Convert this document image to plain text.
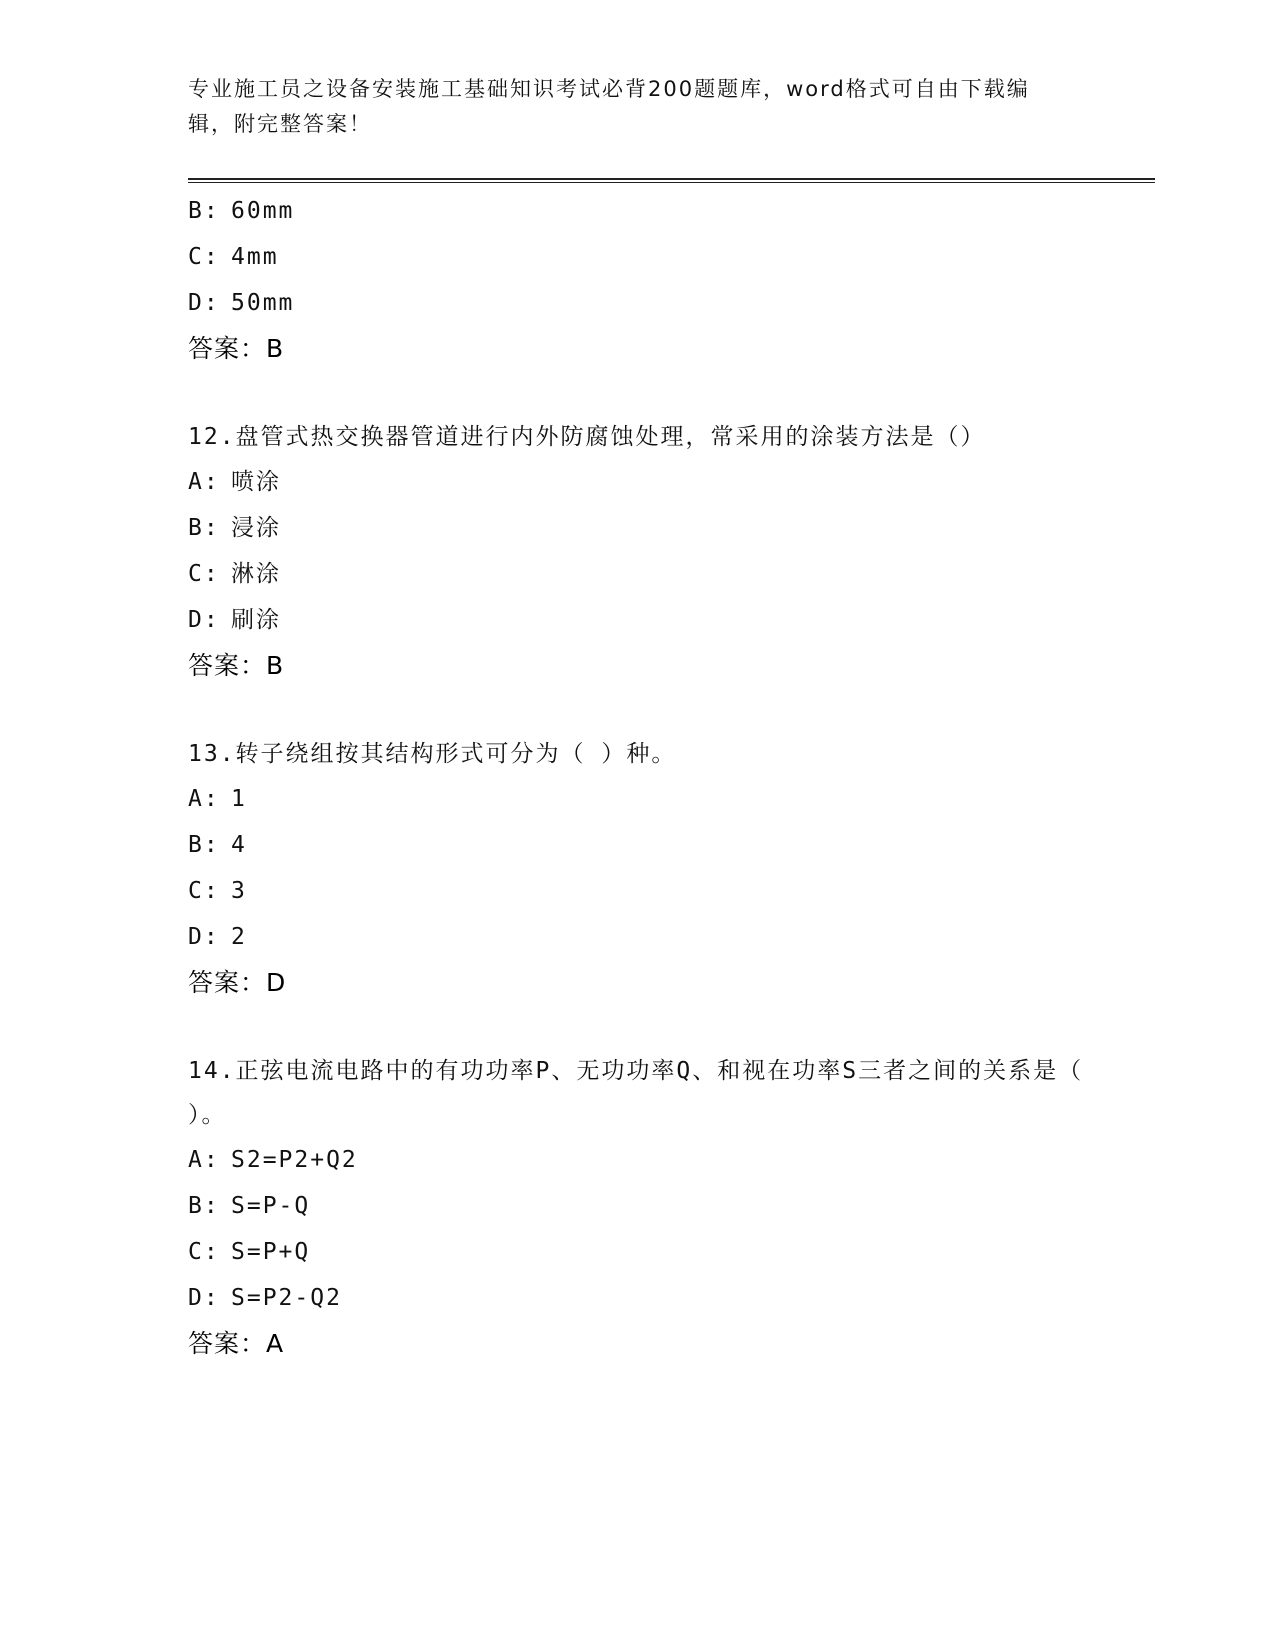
专业施工员之设备安装施工基础知识考试必背200题题库，word格式可自由下载编辑，附完整答案！
B: 60mm
C: 4mm
D: 50mm
答案：B
12.盘管式热交换器管道进行内外防腐蚀处理，常采用的涂装方法是（）
A: 喷涂
B: 浸涂
C: 淋涂
D: 刷涂
答案：B
13.转子绕组按其结构形式可分为（ ）种。
A: 1
B: 4
C: 3
D: 2
答案：D
14.正弦电流电路中的有功功率P、无功功率Q、和视在功率S三者之间的关系是（ ）。
A: S2=P2+Q2
B: S=P-Q
C: S=P+Q
D: S=P2-Q2
答案：A
